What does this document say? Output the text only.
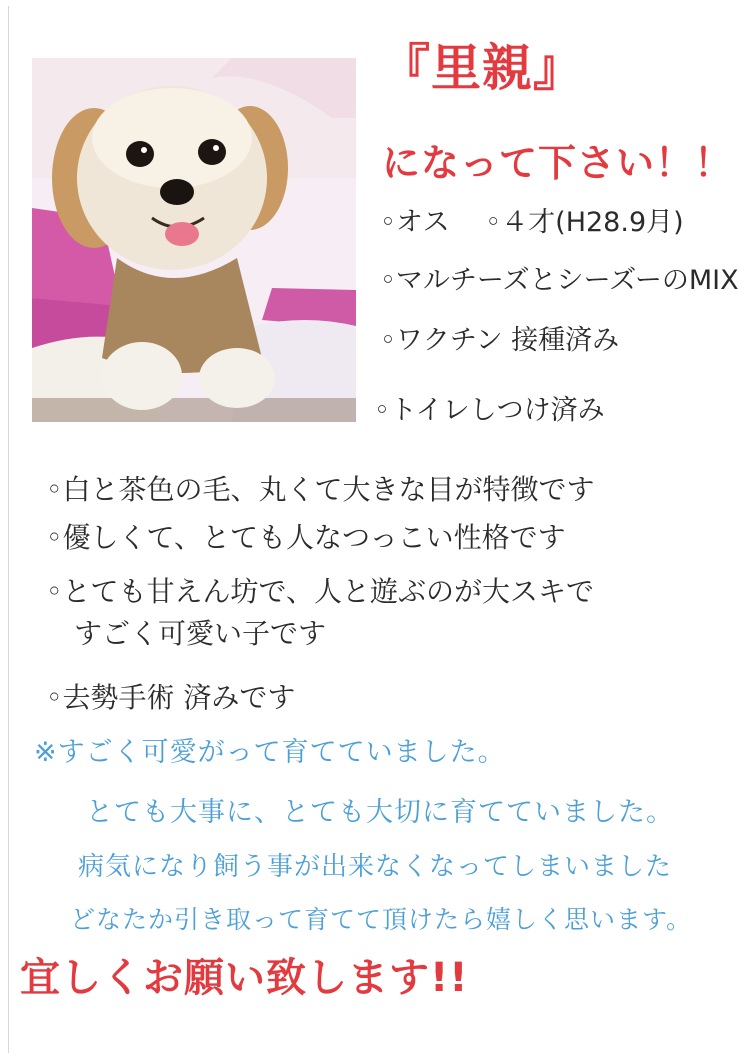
『里親』
になって下さい！！
◦オス　 ◦４才(H28.9月)
◦マルチーズとシーズーのMIX
◦ワクチン 接種済み
◦トイレしつけ済み
◦白と茶色の毛、丸くて大きな目が特徴です
◦優しくて、とても人なつっこい性格です
◦とても甘えん坊で、人と遊ぶのが大スキで
　すごく可愛い子です
◦去勢手術 済みです
※すごく可愛がって育てていました。
とても大事に、とても大切に育てていました。
病気になり飼う事が出来なくなってしまいました
どなたか引き取って育てて頂けたら嬉しく思います。
宜しくお願い致します!!
